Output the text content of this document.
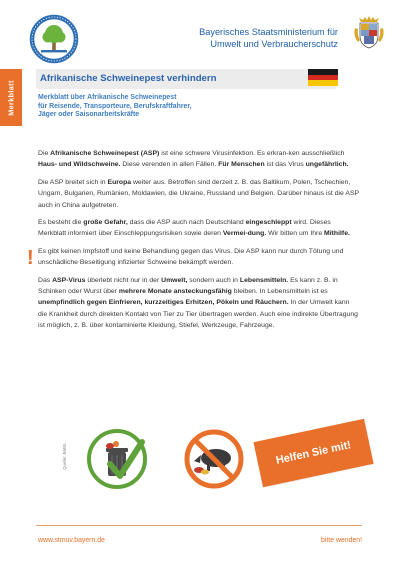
Bayerisches Staatsministerium für
Umwelt und Verbraucherschutz
Merkblatt
Afrikanische Schweinepest verhindern
Merkblatt über Afrikanische Schweinepest
für Reisende, Transporteure, Berufskraftfahrer,
Jäger oder Saisonarbeitskräfte

Die Afrikanische Schweinepest (ASP) ist eine schwere Virusinfektion. Es erkran-ken ausschließlich Haus- und Wildschweine. Diese verenden in allen Fällen. Für Menschen ist das Virus ungefährlich.

Die ASP breitet sich in Europa weiter aus. Betroffen sind derzeit z. B. das Baltikum, Polen, Tschechien, Ungarn, Bulgarien, Rumänien, Moldawien, die Ukraine, Russland und Belgien. Darüber hinaus ist die ASP auch in China aufgetreten.

Es besteht die große Gefahr, dass die ASP auch nach Deutschland eingeschleppt wird. Dieses Merkblatt informiert über Einschleppungsrisiken sowie deren Vermei-dung. Wir bitten um Ihre Mithilfe.

! Es gibt keinen Impfstoff und keine Behandlung gegen das Virus. Die ASP kann nur durch Tötung und unschädliche Beseitigung infizierter Schweine bekämpft werden.

Das ASP-Virus überlebt nicht nur in der Umwelt, sondern auch in Lebensmitteln. Es kann z. B. in Schinken oder Wurst über mehrere Monate ansteckungsfähig bleiben. In Lebensmitteln ist es unempfindlich gegen Einfrieren, kurzzeitiges Erhitzen, Pökeln und Räuchern. In der Umwelt kann die Krankheit durch direkten Kontakt von Tier zu Tier übertragen werden. Auch eine indirekte Übertragung ist möglich, z. B. über kontaminierte Kleidung, Stiefel, Werkzeuge, Fahrzeuge.

Quelle: BMEL	Helfen Sie mit!
www.stmuv.bayern.de	bitte wenden!
